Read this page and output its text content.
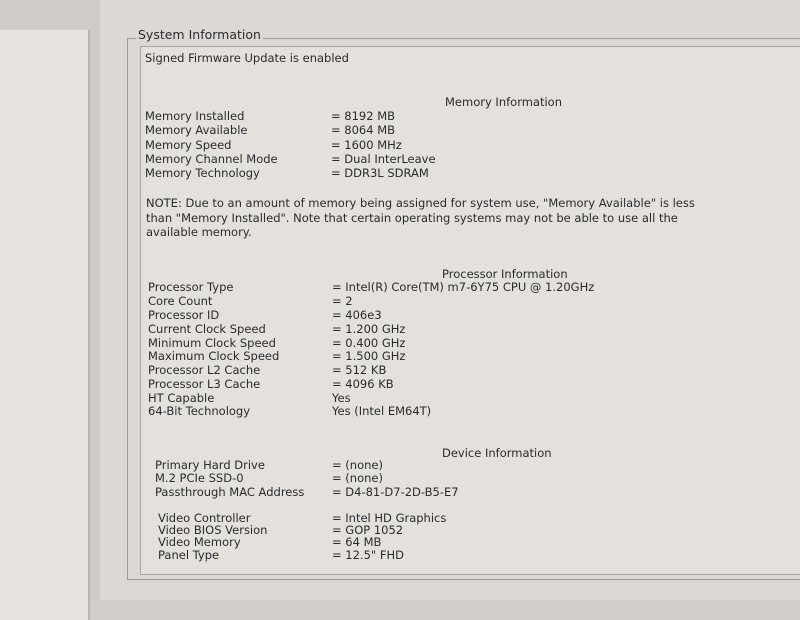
System Information
Signed Firmware Update is enabled
Memory Information
Memory Installed	= 8192 MB
Memory Available	= 8064 MB
Memory Speed	= 1600 MHz
Memory Channel Mode	= Dual InterLeave
Memory Technology	= DDR3L SDRAM
NOTE: Due to an amount of memory being assigned for system use, "Memory Available" is less
than "Memory Installed". Note that certain operating systems may not be able to use all the
available memory.
Processor Information
Processor Type	= Intel(R) Core(TM) m7-6Y75 CPU @ 1.20GHz
Core Count	= 2
Processor ID	= 406e3
Current Clock Speed	= 1.200 GHz
Minimum Clock Speed	= 0.400 GHz
Maximum Clock Speed	= 1.500 GHz
Processor L2 Cache	= 512 KB
Processor L3 Cache	= 4096 KB
HT Capable	Yes
64-Bit Technology	Yes (Intel EM64T)
Device Information
Primary Hard Drive	= (none)
M.2 PCIe SSD-0	= (none)
Passthrough MAC Address = D4-81-D7-2D-B5-E7
Video Controller	= Intel HD Graphics
Video BIOS Version	= GOP 1052
Video Memory	= 64 MB
Panel Type	= 12.5" FHD
